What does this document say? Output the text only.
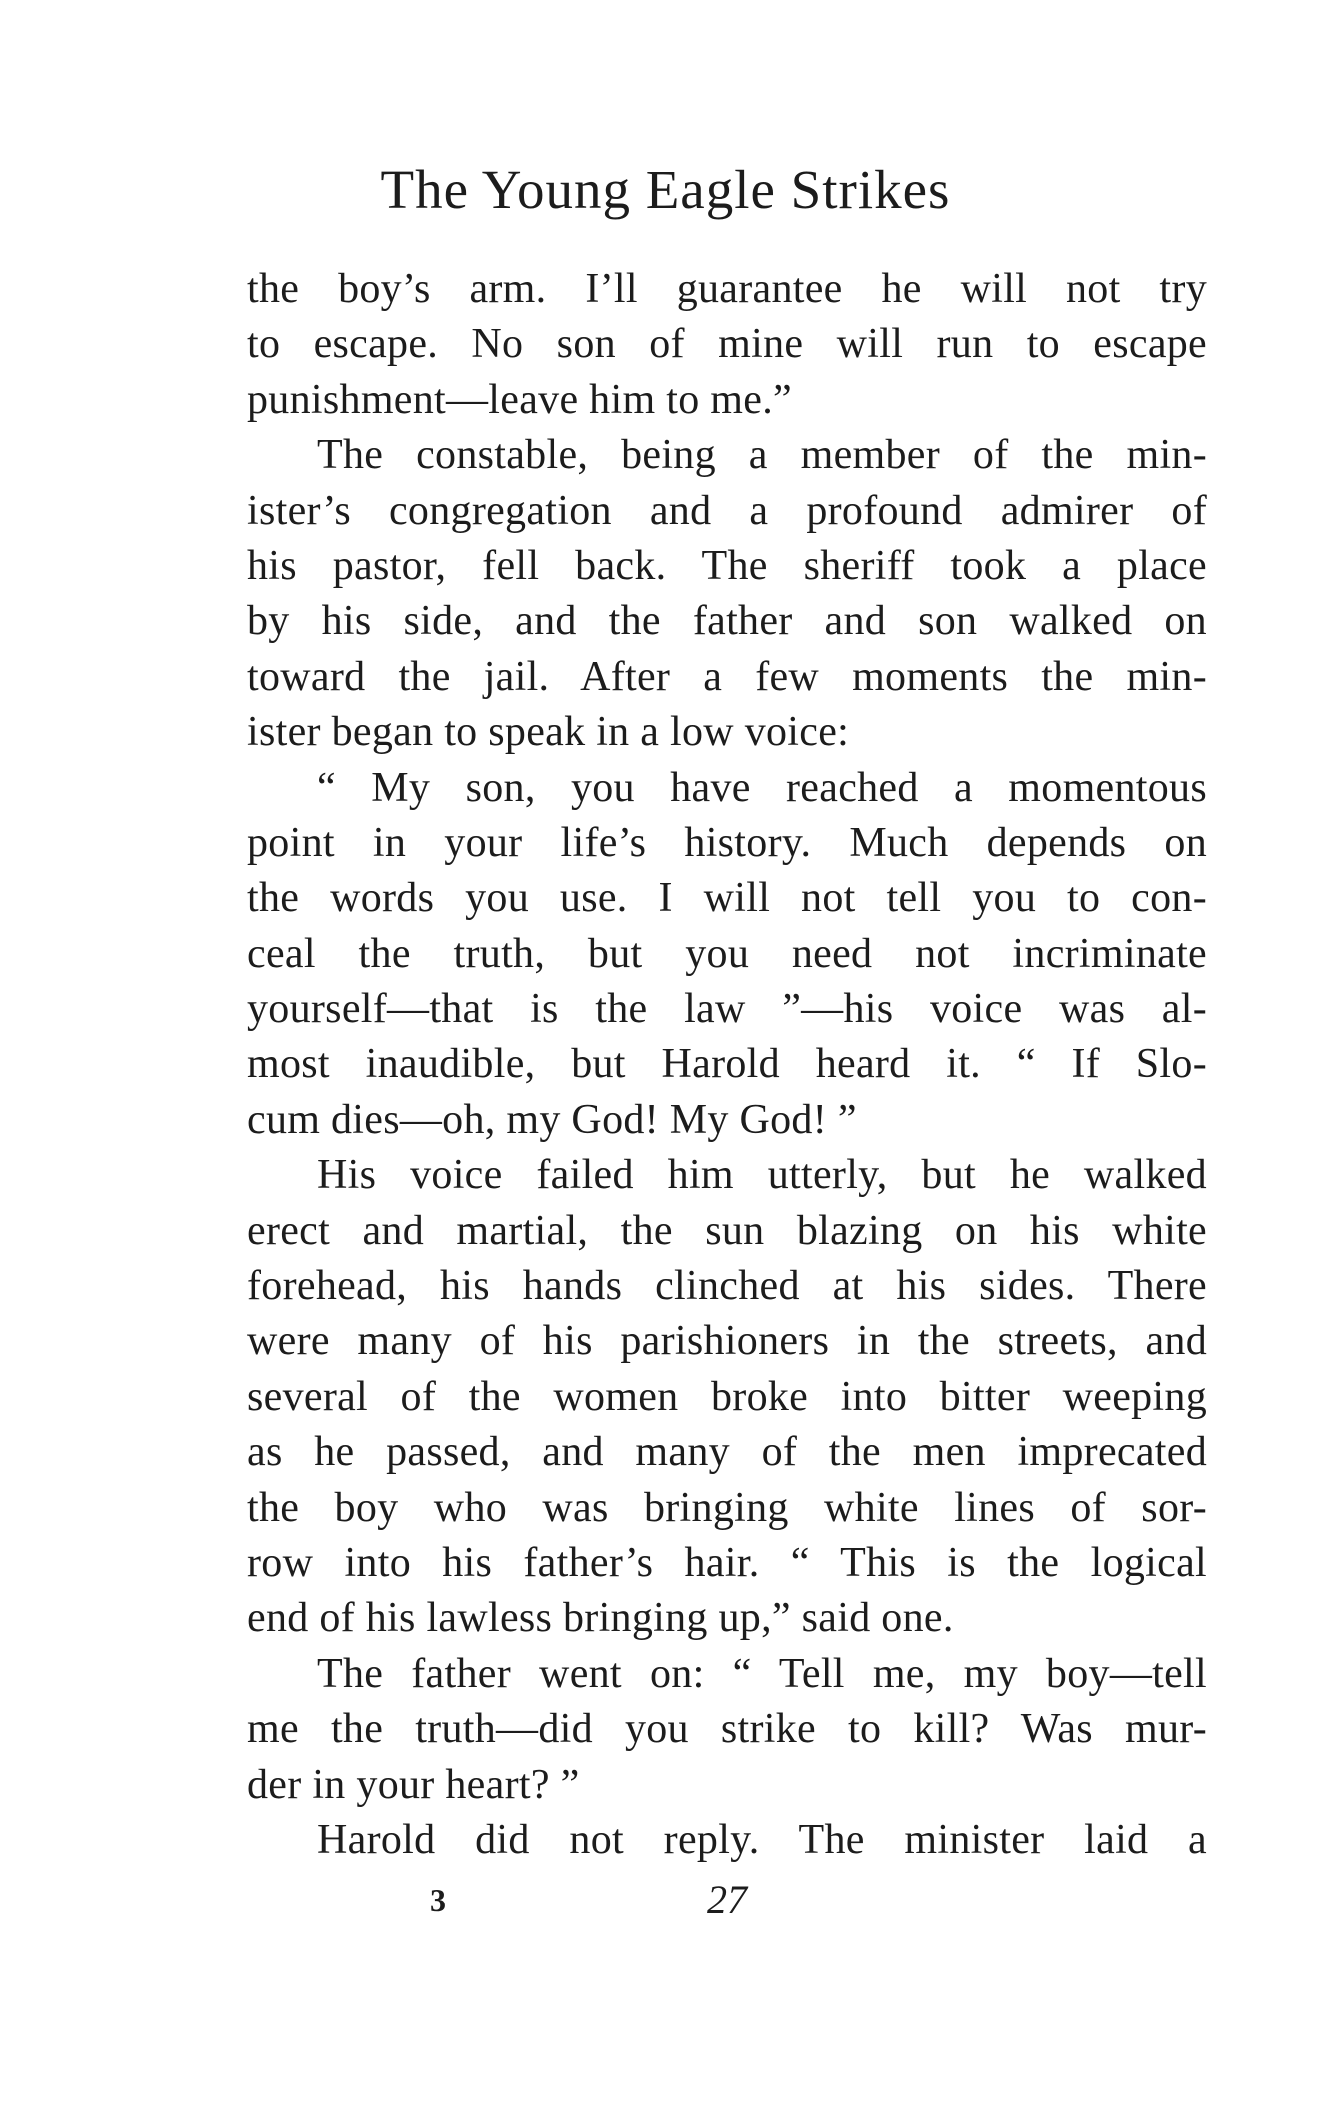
The Young Eagle Strikes
the boy’s arm. I’ll guarantee he will not try
to escape. No son of mine will run to escape
punishment—leave him to me.”
The constable, being a member of the min-
ister’s congregation and a profound admirer of
his pastor, fell back. The sheriff took a place
by his side, and the father and son walked on
toward the jail. After a few moments the min-
ister began to speak in a low voice:
“ My son, you have reached a momentous
point in your life’s history. Much depends on
the words you use. I will not tell you to con-
ceal the truth, but you need not incriminate
yourself—that is the law ”—his voice was al-
most inaudible, but Harold heard it. “ If Slo-
cum dies—oh, my God! My God! ”
His voice failed him utterly, but he walked
erect and martial, the sun blazing on his white
forehead, his hands clinched at his sides. There
were many of his parishioners in the streets, and
several of the women broke into bitter weeping
as he passed, and many of the men imprecated
the boy who was bringing white lines of sor-
row into his father’s hair. “ This is the logical
end of his lawless bringing up,” said one.
The father went on: “ Tell me, my boy—tell
me the truth—did you strike to kill? Was mur-
der in your heart? ”
Harold did not reply. The minister laid a
3	27
